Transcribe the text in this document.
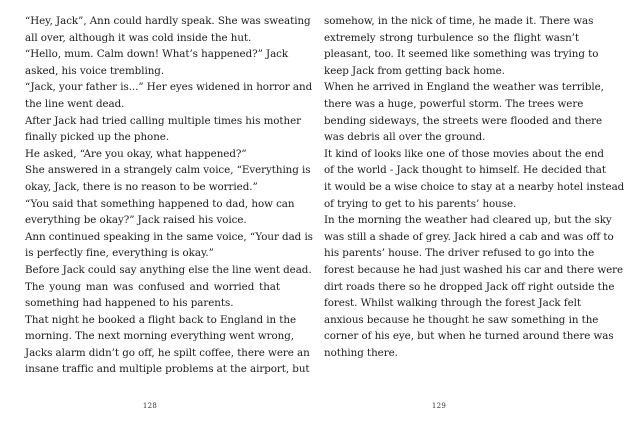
“Hey, Jack”, Ann could hardly speak. She was sweating
all over, although it was cold inside the hut.
“Hello, mum. Calm down! What’s happened?” Jack
asked, his voice trembling.
“Jack, your father is...” Her eyes widened in horror and
the line went dead.
After Jack had tried calling multiple times his mother
finally picked up the phone.
He asked, “Are you okay, what happened?”
She answered in a strangely calm voice, “Everything is
okay, Jack, there is no reason to be worried.”
“You said that something happened to dad, how can
everything be okay?” Jack raised his voice.
Ann continued speaking in the same voice, “Your dad is
is perfectly fine, everything is okay.”
Before Jack could say anything else the line went dead.
The young man was confused and worried that
something had happened to his parents.
That night he booked a flight back to England in the
morning. The next morning everything went wrong,
Jacks alarm didn’t go off, he spilt coffee, there were an
insane traffic and multiple problems at the airport, but
128
somehow, in the nick of time, he made it. There was
extremely strong turbulence so the flight wasn’t
pleasant, too. It seemed like something was trying to
keep Jack from getting back home.
When he arrived in England the weather was terrible,
there was a huge, powerful storm. The trees were
bending sideways, the streets were flooded and there
was debris all over the ground.
It kind of looks like one of those movies about the end
of the world - Jack thought to himself. He decided that
it would be a wise choice to stay at a nearby hotel instead
of trying to get to his parents’ house.
In the morning the weather had cleared up, but the sky
was still a shade of grey. Jack hired a cab and was off to
his parents’ house. The driver refused to go into the
forest because he had just washed his car and there were
dirt roads there so he dropped Jack off right outside the
forest. Whilst walking through the forest Jack felt
anxious because he thought he saw something in the
corner of his eye, but when he turned around there was
nothing there.
129
